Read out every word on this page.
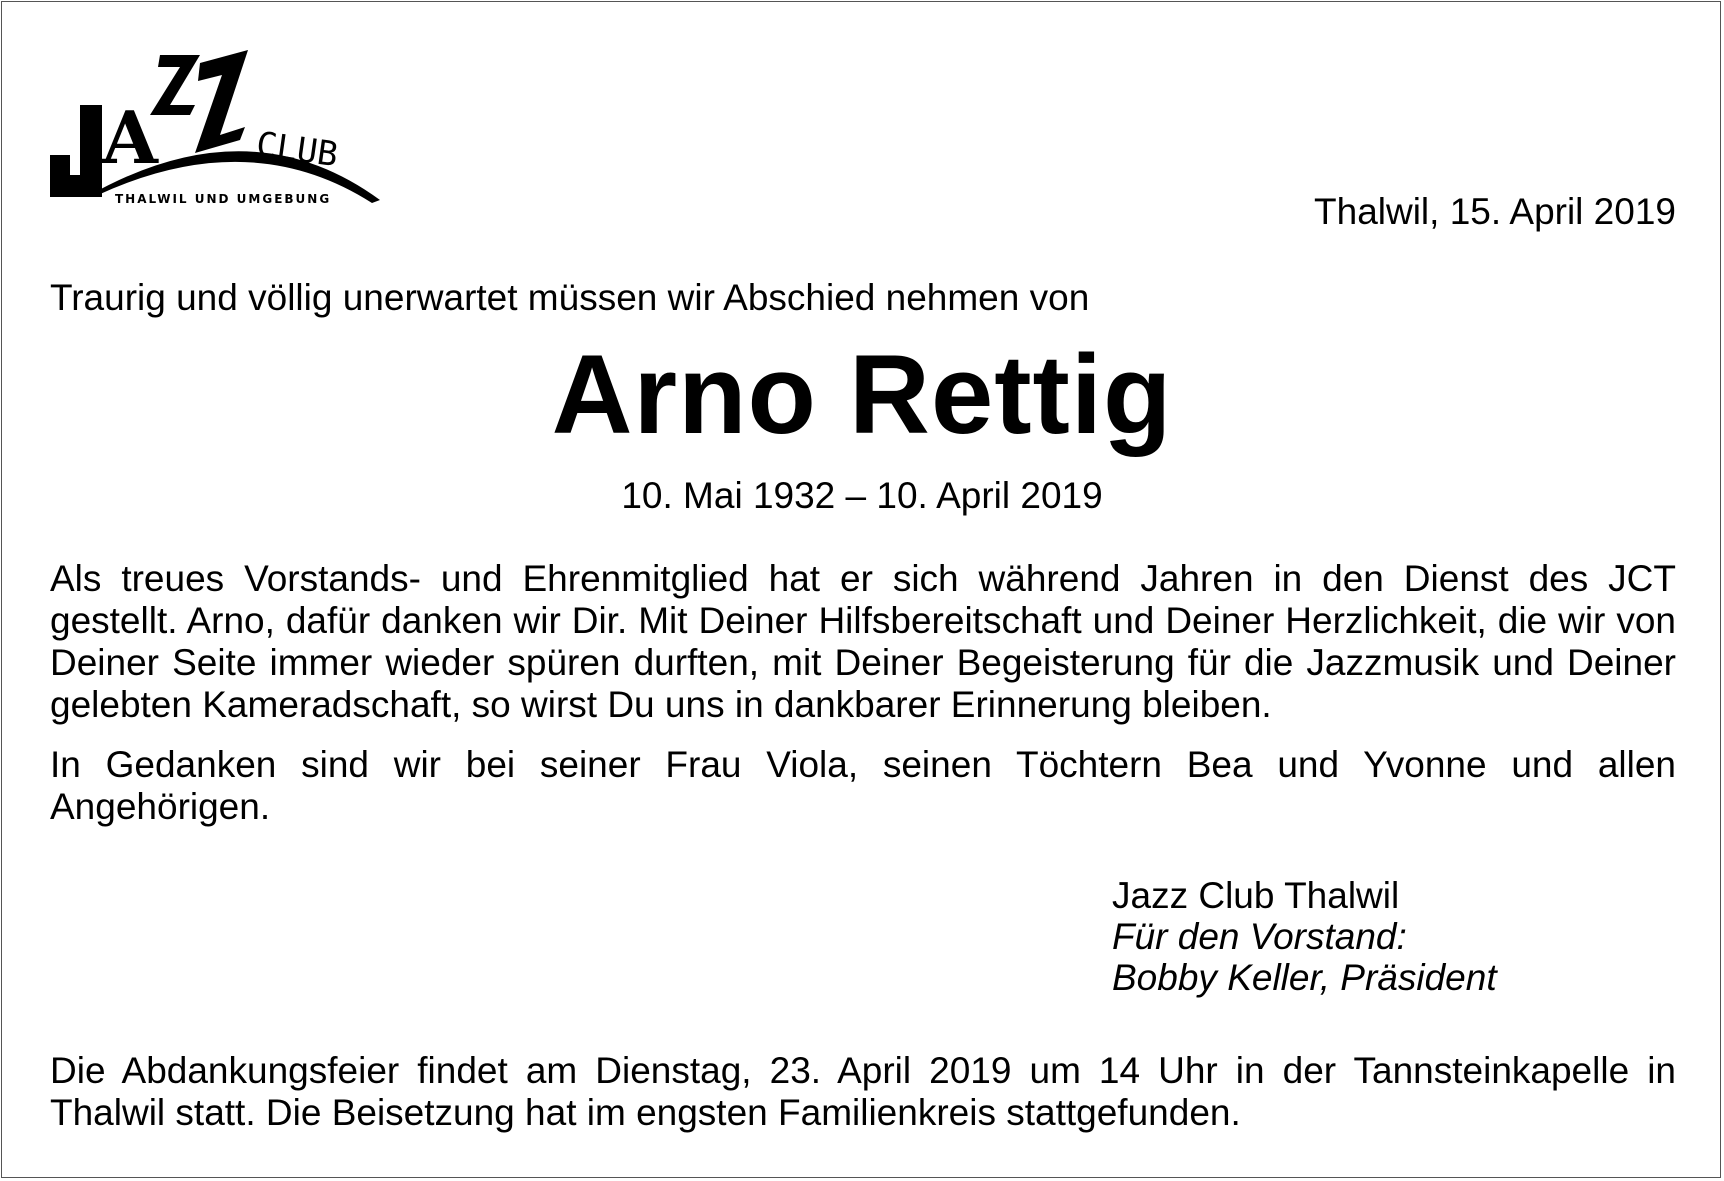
A	CLUB
THALWIL UND UMGEBUNG	Thalwil, 15. April 2019
Traurig und völlig unerwartet müssen wir Abschied nehmen von
Arno Rettig
10. Mai 1932 – 10. April 2019
Als treues Vorstands- und Ehrenmitglied hat er sich während Jahren in den Dienst des JCT gestellt. Arno, dafür danken wir Dir. Mit Deiner Hilfsbereitschaft und Deiner Herzlichkeit, die wir von Deiner Seite immer wieder spüren durften, mit Deiner Begeisterung für die Jazzmusik und Deiner gelebten Kameradschaft, so wirst Du uns in dankbarer Erinnerung bleiben.
In Gedanken sind wir bei seiner Frau Viola, seinen Töchtern Bea und Yvonne und allen Angehörigen.
Jazz Club Thalwil
Für den Vorstand:
Bobby Keller, Präsident
Die Abdankungsfeier findet am Dienstag, 23. April 2019 um 14 Uhr in der Tannsteinkapelle in Thalwil statt. Die Beisetzung hat im engsten Familienkreis stattgefunden.
